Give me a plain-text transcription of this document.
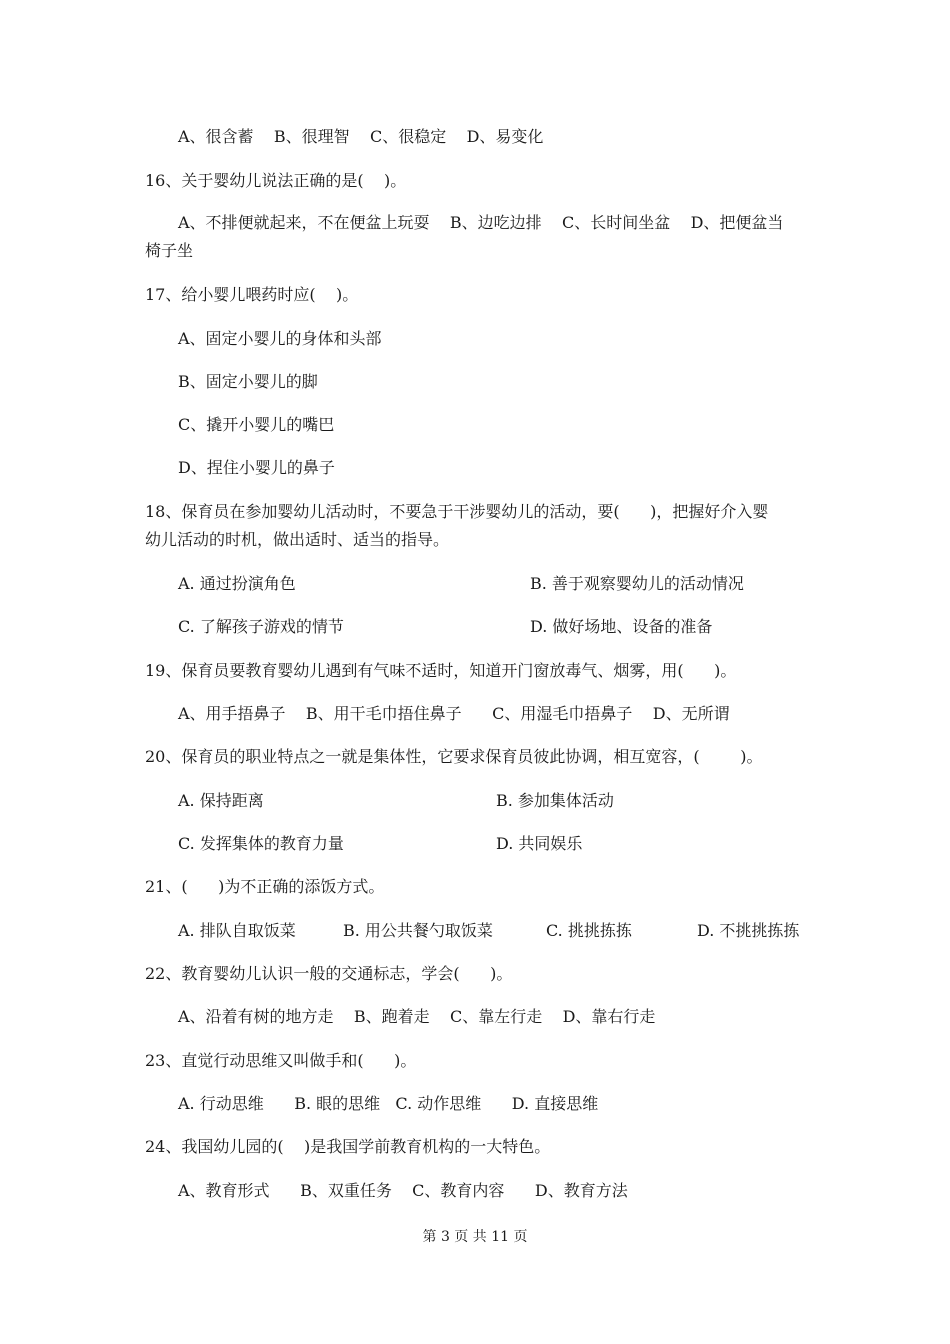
A、很含蓄    B、很理智    C、很稳定    D、易变化
16、关于婴幼儿说法正确的是(    )。
A、不排便就起来，不在便盆上玩耍    B、边吃边排    C、长时间坐盆    D、把便盆当
椅子坐
17、给小婴儿喂药时应(    )。
A、固定小婴儿的身体和头部
B、固定小婴儿的脚
C、撬开小婴儿的嘴巴
D、捏住小婴儿的鼻子
18、保育员在参加婴幼儿活动时，不要急于干涉婴幼儿的活动，要(      )，把握好介入婴
幼儿活动的时机，做出适时、适当的指导。
A. 通过扮演角色	B. 善于观察婴幼儿的活动情况
C. 了解孩子游戏的情节	D. 做好场地、设备的准备
19、保育员要教育婴幼儿遇到有气味不适时，知道开门窗放毒气、烟雾，用(      )。
A、用手捂鼻子    B、用干毛巾捂住鼻子      C、用湿毛巾捂鼻子    D、无所谓
20、保育员的职业特点之一就是集体性，它要求保育员彼此协调，相互宽容，(        )。
A. 保持距离	B. 参加集体活动
C. 发挥集体的教育力量	D. 共同娱乐
21、(      )为不正确的添饭方式。
A. 排队自取饭菜	B. 用公共餐勺取饭菜	C. 挑挑拣拣	D. 不挑挑拣拣
22、教育婴幼儿认识一般的交通标志，学会(      )。
A、沿着有树的地方走    B、跑着走    C、靠左行走    D、靠右行走
23、直觉行动思维又叫做手和(      )。
A. 行动思维      B. 眼的思维   C. 动作思维      D. 直接思维
24、我国幼儿园的(    )是我国学前教育机构的一大特色。
A、教育形式      B、双重任务    C、教育内容      D、教育方法
第 3 页 共 11 页
